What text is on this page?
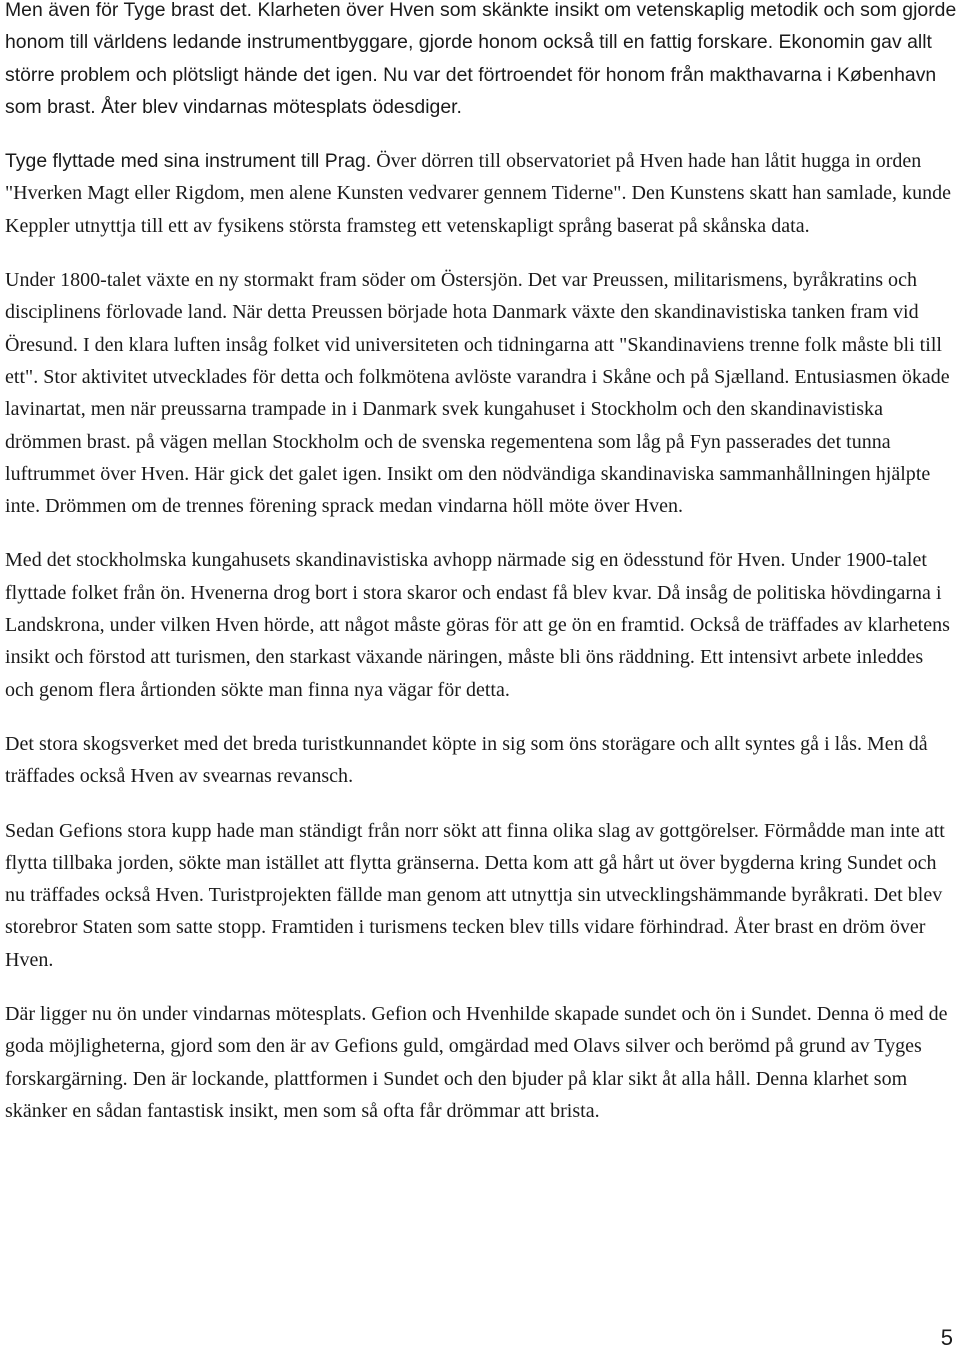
Men även för Tyge brast det. Klarheten över Hven som skänkte insikt om vetenskaplig metodik och som gjorde honom till världens ledande instrumentbyggare, gjorde honom också till en fattig forskare. Ekonomin gav allt större problem och plötsligt hände det igen. Nu var det förtroendet för honom från makthavarna i København som brast. Åter blev vindarnas mötesplats ödesdiger.

Tyge flyttade med sina instrument till Prag. Över dörren till observatoriet på Hven hade han låtit hugga in orden "Hverken Magt eller Rigdom, men alene Kunsten vedvarer gennem Tiderne". Den Kunstens skatt han samlade, kunde Keppler utnyttja till ett av fysikens största framsteg ett vetenskapligt språng baserat på skånska data.

Under 1800-talet växte en ny stormakt fram söder om Östersjön. Det var Preussen, militarismens, byråkratins och disciplinens förlovade land. När detta Preussen började hota Danmark växte den skandinavistiska tanken fram vid Öresund. I den klara luften insåg folket vid universiteten och tidningarna att "Skandinaviens trenne folk måste bli till ett". Stor aktivitet utvecklades för detta och folkmötena avlöste varandra i Skåne och på Sjælland. Entusiasmen ökade lavinartat, men när preussarna trampade in i Danmark svek kungahuset i Stockholm och den skandinavistiska drömmen brast. på vägen mellan Stockholm och de svenska regementena som låg på Fyn passerades det tunna luftrummet över Hven. Här gick det galet igen. Insikt om den nödvändiga skandinaviska sammanhållningen hjälpte inte. Drömmen om de trennes förening sprack medan vindarna höll möte över Hven.

Med det stockholmska kungahusets skandinavistiska avhopp närmade sig en ödesstund för Hven. Under 1900-talet flyttade folket från ön. Hvenerna drog bort i stora skaror och endast få blev kvar. Då insåg de politiska hövdingarna i Landskrona, under vilken Hven hörde, att något måste göras för att ge ön en framtid. Också de träffades av klarhetens insikt och förstod att turismen, den starkast växande näringen, måste bli öns räddning. Ett intensivt arbete inleddes och genom flera årtionden sökte man finna nya vägar för detta.

Det stora skogsverket med det breda turistkunnandet köpte in sig som öns storägare och allt syntes gå i lås. Men då träffades också Hven av svearnas revansch.

Sedan Gefions stora kupp hade man ständigt från norr sökt att finna olika slag av gottgörelser. Förmådde man inte att flytta tillbaka jorden, sökte man istället att flytta gränserna. Detta kom att gå hårt ut över bygderna kring Sundet och nu träffades också Hven. Turistprojekten fällde man genom att utnyttja sin utvecklingshämmande byråkrati. Det blev storebror Staten som satte stopp. Framtiden i turismens tecken blev tills vidare förhindrad. Åter brast en dröm över Hven.

Där ligger nu ön under vindarnas mötesplats. Gefion och Hvenhilde skapade sundet och ön i Sundet. Denna ö med de goda möjligheterna, gjord som den är av Gefions guld, omgärdad med Olavs silver och berömd på grund av Tyges forskargärning. Den är lockande, plattformen i Sundet och den bjuder på klar sikt åt alla håll. Denna klarhet som skänker en sådan fantastisk insikt, men som så ofta får drömmar att brista.

5
